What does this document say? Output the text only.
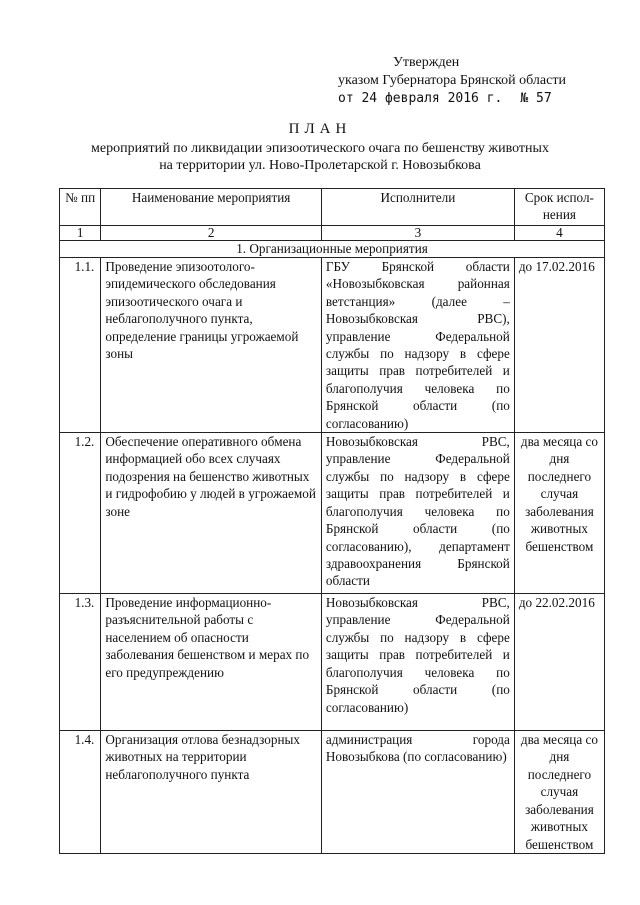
Утвержден
указом Губернатора Брянской области
от 24 февраля 2016 г. № 57
ПЛАН
мероприятий по ликвидации эпизоотического очага по бешенству животных
на территории ул. Ново-Пролетарской г. Новозыбкова
№ пп	Наименование мероприятия	Исполнители	Срок испол-нения
1	2	3	4
1. Организационные мероприятия			
1.1.	Проведение эпизоотолого-эпидемического обследования эпизоотического очага и неблагополучного пункта, определение границы угрожаемой зоны	ГБУ Брянской области «Новозыбковская районная ветстанция» (далее – Новозыбковская РВС), управление Федеральной службы по надзору в сфере защиты прав потребителей и благополучия человека по Брянской области (по согласованию)	до 17.02.2016
1.2.	Обеспечение оперативного обмена информацией обо всех случаях подозрения на бешенство животных и гидрофобию у людей в угрожаемой зоне	Новозыбковская РВС, управление Федеральной службы по надзору в сфере защиты прав потребителей и благополучия человека по Брянской области (по согласованию), департамент здравоохранения Брянской области	два месяца со дня последнего случая заболевания животных бешенством
1.3.	Проведение информационно-разъяснительной работы с населением об опасности заболевания бешенством и мерах по его предупреждению	Новозыбковская РВС, управление Федеральной службы по надзору в сфере защиты прав потребителей и благополучия человека по Брянской области (по согласованию)	до 22.02.2016
1.4.	Организация отлова безнадзорных животных на территории неблагополучного пункта	администрация города Новозыбкова (по согласованию)	два месяца со дня последнего случая заболевания животных бешенством
